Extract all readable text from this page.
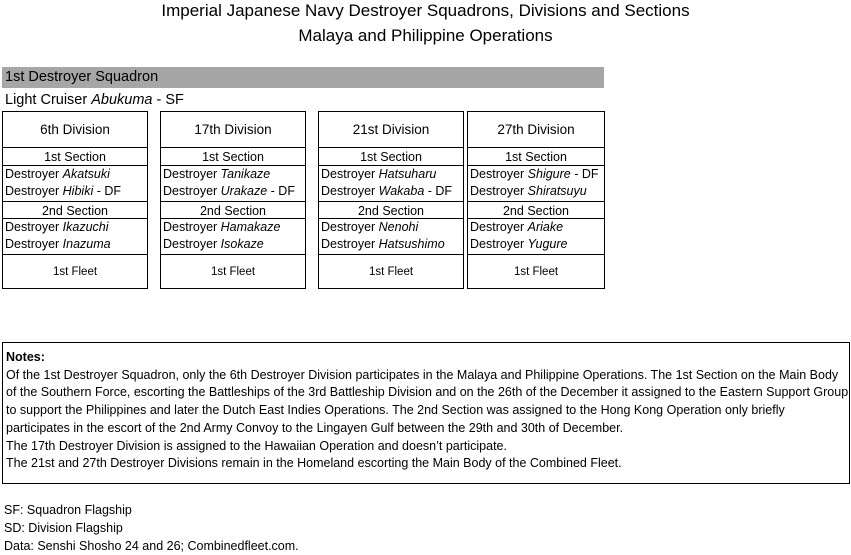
Imperial Japanese Navy Destroyer Squadrons, Divisions and Sections
Malaya and Philippine Operations
1st Destroyer Squadron
Light Cruiser Abukuma - SF
6th Division
1st Section
Destroyer Akatsuki
Destroyer Hibiki - DF
2nd Section
Destroyer Ikazuchi
Destroyer Inazuma
1st Fleet
17th Division
1st Section
Destroyer Tanikaze
Destroyer Urakaze - DF
2nd Section
Destroyer Hamakaze
Destroyer Isokaze
1st Fleet
21st Division
1st Section
Destroyer Hatsuharu
Destroyer Wakaba - DF
2nd Section
Destroyer Nenohi
Destroyer Hatsushimo
1st Fleet
27th Division
1st Section
Destroyer Shigure - DF
Destroyer Shiratsuyu
2nd Section
Destroyer Ariake
Destroyer Yugure
1st Fleet

Notes:

Of the 1st Destroyer Squadron, only the 6th Destroyer Division participates in the Malaya and Philippine Operations. The 1st Section on the Main Body of the Southern Force, escorting the Battleships of the 3rd Battleship Division and on the 26th of the December it assigned to the Eastern Support Group to support the Philippines and later the Dutch East Indies Operations. The 2nd Section was assigned to the Hong Kong Operation only briefly participates in the escort of the 2nd Army Convoy to the Lingayen Gulf between the 29th and 30th of December.

The 17th Destroyer Division is assigned to the Hawaiian Operation and doesn’t participate.

The 21st and 27th Destroyer Divisions remain in the Homeland escorting the Main Body of the Combined Fleet.

SF: Squadron Flagship
SD: Division Flagship
Data: Senshi Shosho 24 and 26; Combinedfleet.com.
